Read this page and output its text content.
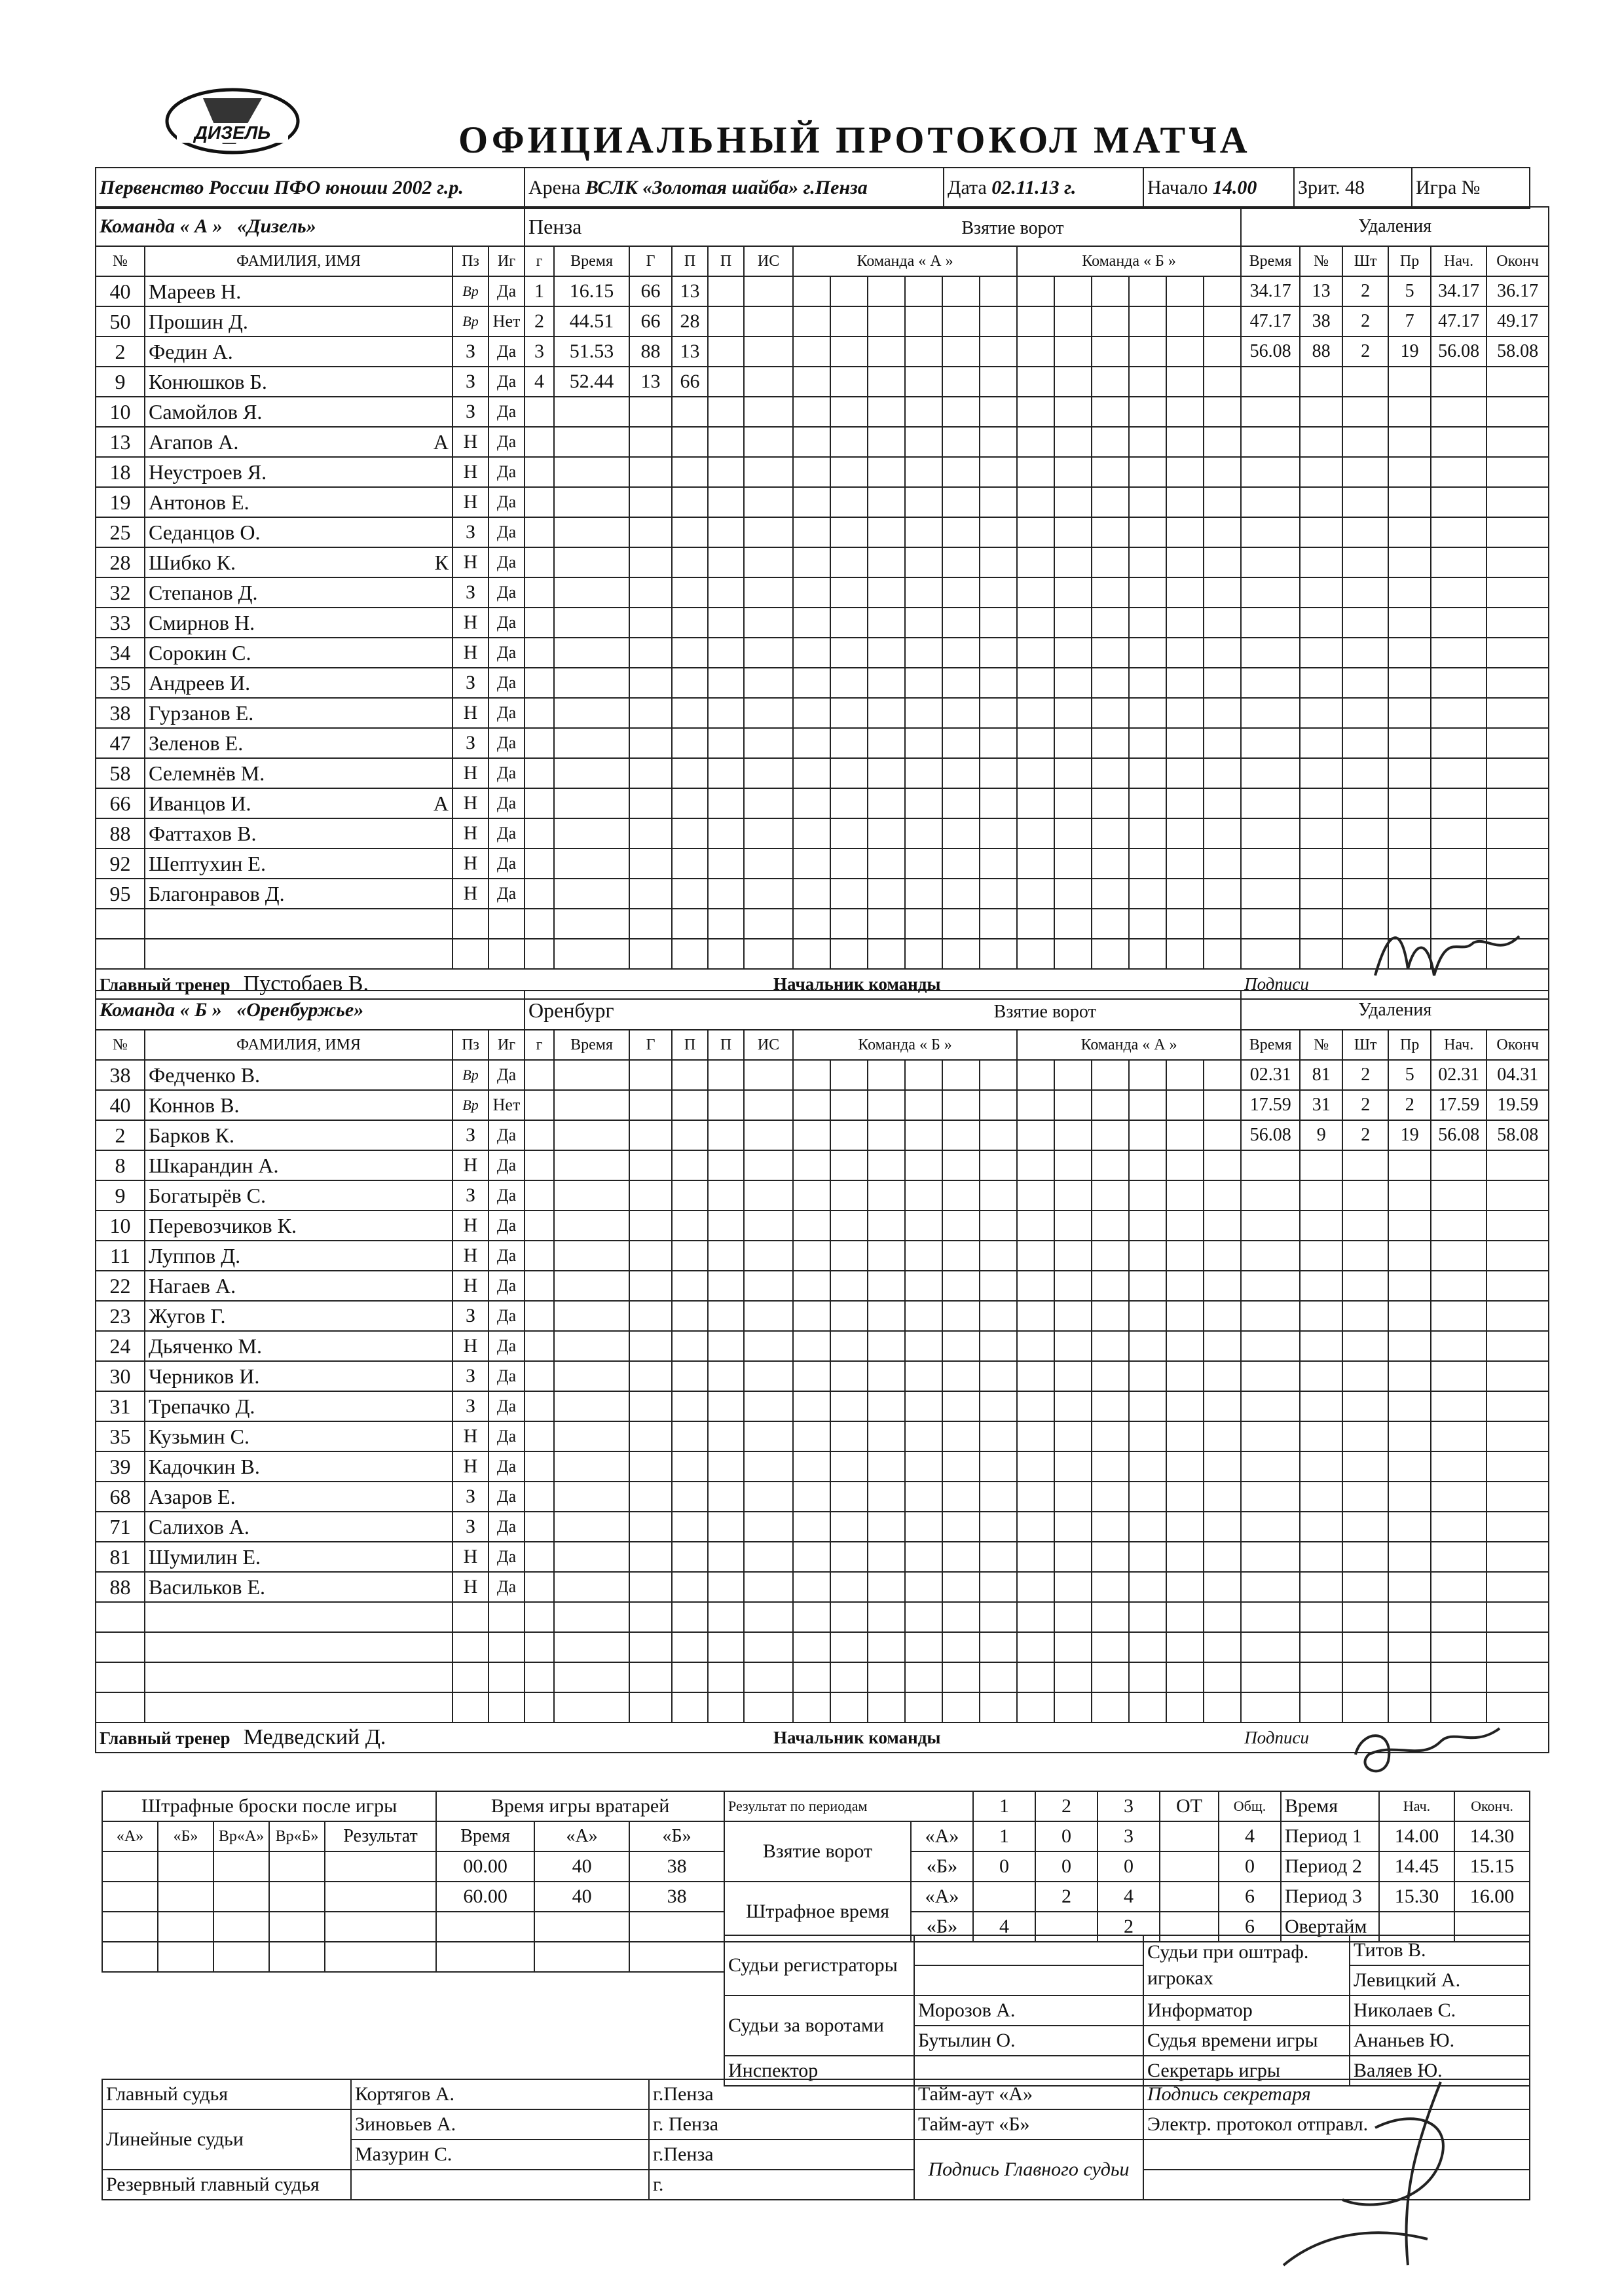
ДИЗЕЛЬ	ОФИЦИАЛЬНЫЙ ПРОТОКОЛ МАТЧА
Первенство России ПФО юноши 2002 г.р.	Арена ВСЛК «Золотая шайба» г.Пенза	Дата 02.11.13 г.	Начало 14.00	Зрит. 48	Игра №
Команда « А » «Дизель»				Пенза Взятие ворот																		Удаления					
№	ФАМИЛИЯ, ИМЯ	Пз	Иг	г	Время	Г	П	П	ИС	Команда « А »						Команда « Б »						Время	№	Шт	Пр	Нач.	Оконч
40	Мареев Н.	Вр	Да	1	16.15	66	13															34.17	13	2	5	34.17	36.17
50	Прошин Д.	Вр	Нет	2	44.51	66	28															47.17	38	2	7	47.17	49.17
2	Федин А.	З	Да	3	51.53	88	13															56.08	88	2	19	56.08	58.08
9	Конюшков Б.	З	Да	4	52.44	13	66																				
10	Самойлов Я.	З	Да																								
13	Агапов А. А	Н	Да																								
18	Неустроев Я.	Н	Да																								
19	Антонов Е.	Н	Да																								
25	Седанцов О.	З	Да																								
28	Шибко К. К	Н	Да																								
32	Степанов Д.	З	Да																								
33	Смирнов Н.	Н	Да																								
34	Сорокин С.	Н	Да																								
35	Андреев И.	З	Да																								
38	Гурзанов Е.	Н	Да																								
47	Зеленов Е.	З	Да																								
58	Селемнёв М.	Н	Да																								
66	Иванцов И. А	Н	Да																								
88	Фаттахов В.	Н	Да																								
92	Шептухин Е.	Н	Да																								
95	Благонравов Д.	Н	Да																								

Главный тренер Пустобаев В.				Начальник команды																		Подписи					
Команда « Б » «Оренбуржье»				Оренбург Взятие ворот																		Удаления					
№	ФАМИЛИЯ, ИМЯ	Пз	Иг	г	Время	Г	П	П	ИС	Команда « Б »						Команда « А »						Время	№	Шт	Пр	Нач.	Оконч
38	Федченко В.	Вр	Да																			02.31	81	2	5	02.31	04.31
40	Коннов В.	Вр	Нет																			17.59	31	2	2	17.59	19.59
2	Барков К.	З	Да																			56.08	9	2	19	56.08	58.08
8	Шкарандин А.	Н	Да																								
9	Богатырёв С.	З	Да																								
10	Перевозчиков К.	Н	Да																								
11	Луппов Д.	Н	Да																								
22	Нагаев А.	Н	Да																								
23	Жугов Г.	З	Да																								
24	Дьяченко М.	Н	Да																								
30	Черников И.	З	Да																								
31	Трепачко Д.	З	Да																								
35	Кузьмин С.	Н	Да																								
39	Кадочкин В.	Н	Да																								
68	Азаров Е.	З	Да																								
71	Салихов А.	З	Да																								
81	Шумилин Е.	Н	Да																								
88	Васильков Е.	Н	Да																								

Главный тренер Медведский Д.				Начальник команды																		Подписи					
Штрафные броски после игры					Время игры вратарей		
«А»	«Б»	Вр«А»	Вр«Б»	Результат	Время	«А»	«Б»
					00.00	40	38
					60.00	40	38

Результат по периодам		1	2	3	ОТ	Общ.
Взятие ворот	«А»	1	0	3		4
	«Б»	0	0	0		0
Штрафное время	«А»		2	4		6
	«Б»	4		2		6
Время	Нач.	Оконч.
Период 1	14.00	14.30
Период 2	14.45	15.15
Период 3	15.30	16.00
Овертайм		
Судьи регистраторы		Судьи при оштраф. игроках	Титов В.
			Левицкий А.
Судьи за воротами	Морозов А.	Информатор	Николаев С.
	Бутылин О.	Судья времени игры	Ананьев Ю.
Инспектор		Секретарь игры	Валяев Ю.
Главный судья	Кортягов А.	г.Пенза
Линейные судьи	Зиновьев А.	г. Пенза
	Мазурин С.	г.Пенза
Резервный главный судья		г.
Тайм-аут «А»	Подпись секретаря
Тайм-аут «Б»	Электр. протокол отправл.
Подпись Главного судьи	
